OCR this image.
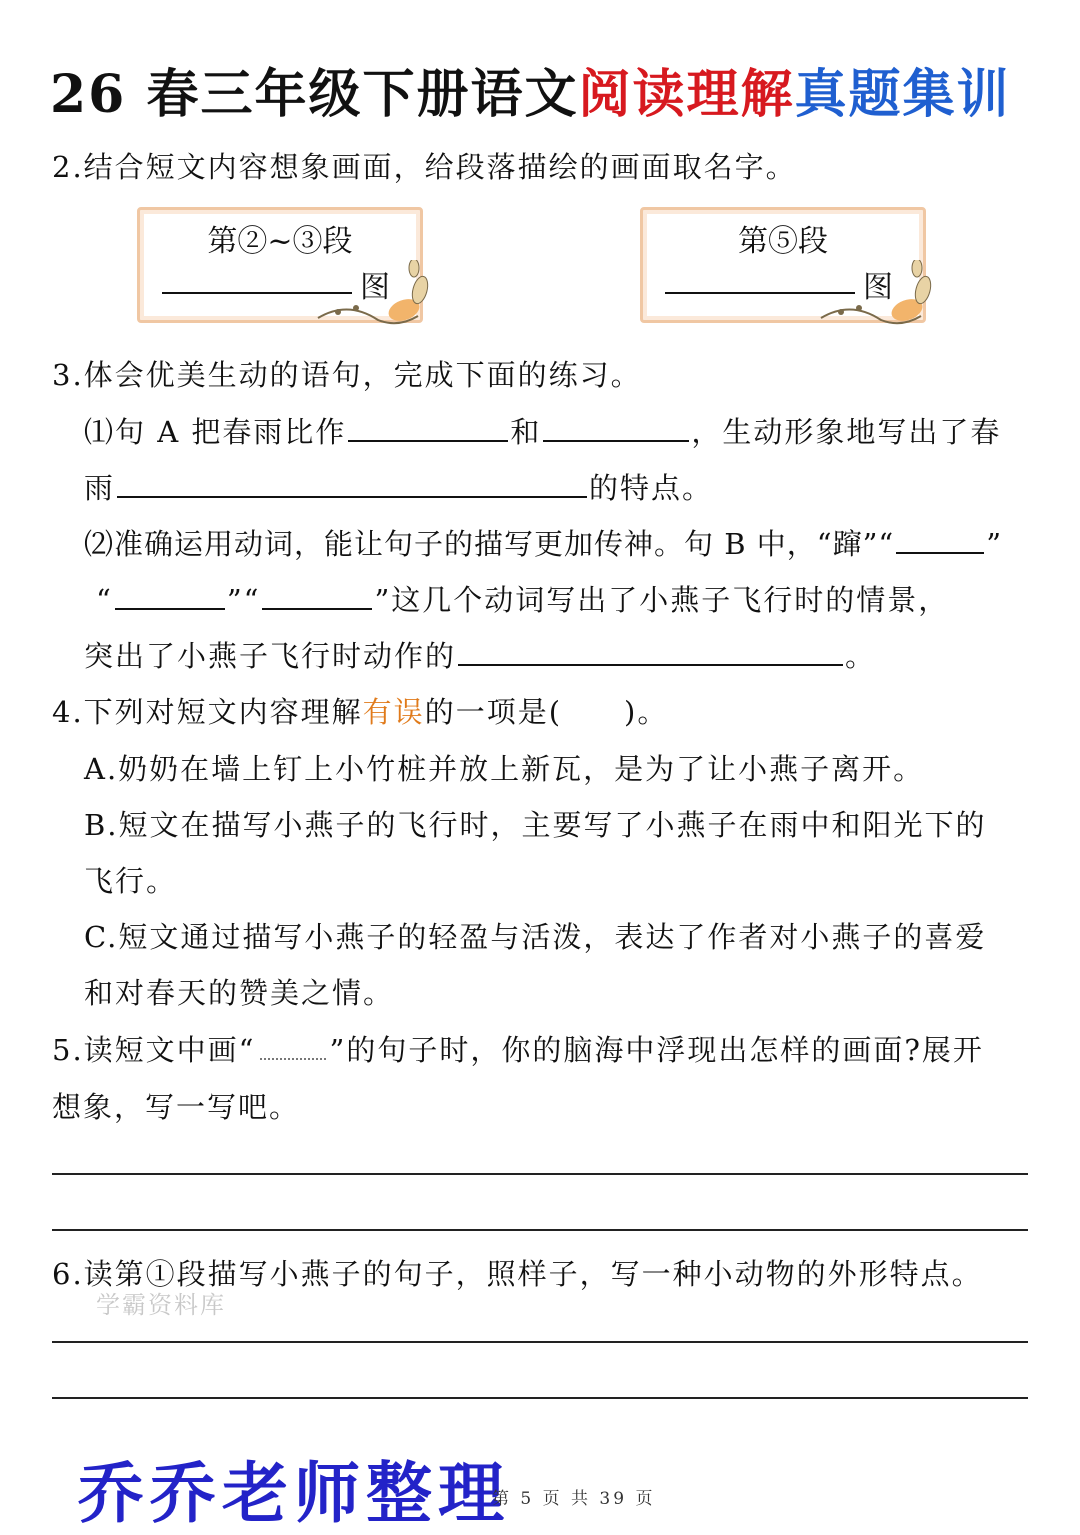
26 春三年级下册语文阅读理解真题集训
2.结合短文内容想象画面，给段落描绘的画面取名字。
第②~③段
图
第⑤段
图
3.体会优美生动的语句，完成下面的练习。
⑴句 A 把春雨比作	和	，生动形象地写出了春
雨	的特点。
⑵准确运用动词，能让句子的描写更加传神。句 B 中，“蹿”“	”
“	”“	”这几个动词写出了小燕子飞行时的情景，
突出了小燕子飞行时动作的	。
4.下列对短文内容理解有误的一项是(　　)。
A.奶奶在墙上钉上小竹桩并放上新瓦，是为了让小燕子离开。
B.短文在描写小燕子的飞行时，主要写了小燕子在雨中和阳光下的
飞行。
C.短文通过描写小燕子的轻盈与活泼，表达了作者对小燕子的喜爱
和对春天的赞美之情。
5.读短文中画“	”的句子时，你的脑海中浮现出怎样的画面?展开
想象，写一写吧。
6.读第①段描写小燕子的句子，照样子，写一种小动物的外形特点。
学霸资料库
乔乔老师整理
第 5 页 共 39 页
